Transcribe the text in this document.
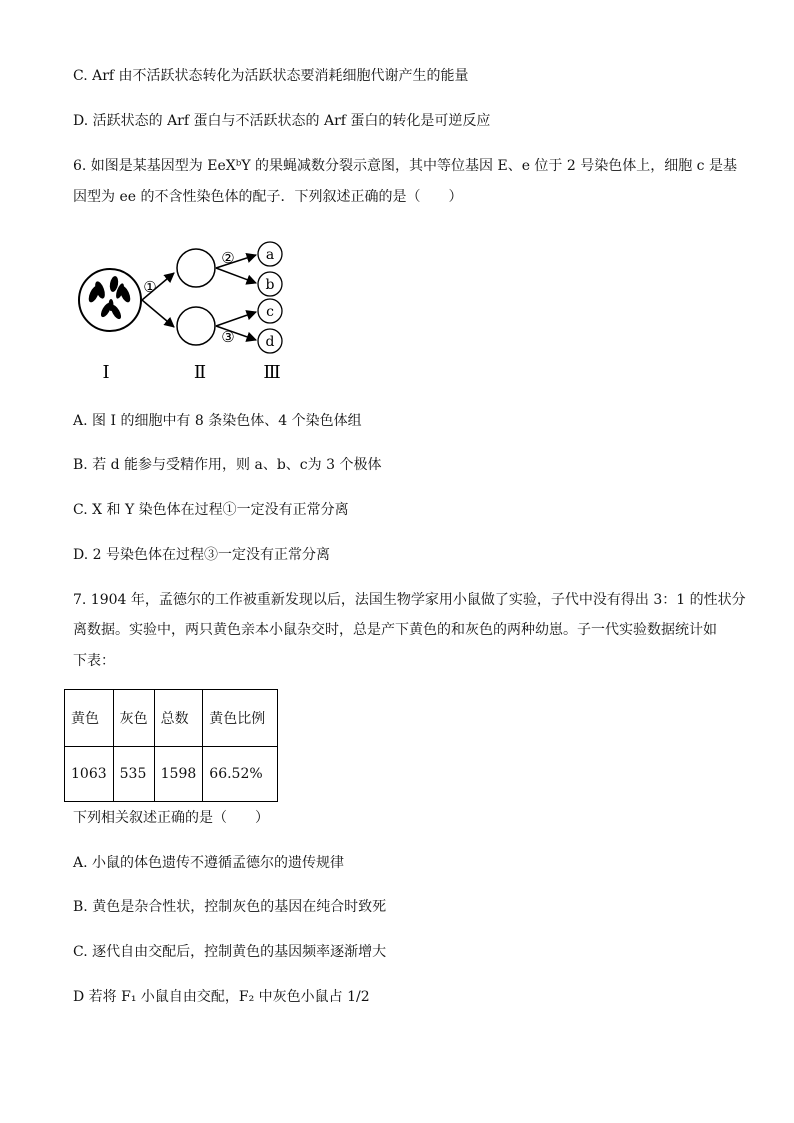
C. Arf 由不活跃状态转化为活跃状态要消耗细胞代谢产生的能量
D. 活跃状态的 Arf 蛋白与不活跃状态的 Arf 蛋白的转化是可逆反应
6. 如图是某基因型为 EeXᵇY 的果蝇减数分裂示意图，其中等位基因 E、e 位于 2 号染色体上，细胞 c 是基
因型为 ee 的不含性染色体的配子．下列叙述正确的是（　　）
①
②
③
a
b
c
d
I	Ⅱ	Ⅲ
A. 图 I 的细胞中有 8 条染色体、4 个染色体组
B. 若 d 能参与受精作用，则 a、b、c为 3 个极体
C. X 和 Y 染色体在过程①一定没有正常分离
D. 2 号染色体在过程③一定没有正常分离
7. 1904 年，孟德尔的工作被重新发现以后，法国生物学家用小鼠做了实验，子代中没有得出 3：1 的性状分
离数据。实验中，两只黄色亲本小鼠杂交时，总是产下黄色的和灰色的两种幼崽。子一代实验数据统计如
下表：
黄色	灰色	总数	黄色比例
1063	535	1598	66.52%
下列相关叙述正确的是（　　）
A. 小鼠的体色遗传不遵循孟德尔的遗传规律
B. 黄色是杂合性状，控制灰色的基因在纯合时致死
C. 逐代自由交配后，控制黄色的基因频率逐渐增大
D 若将 F₁ 小鼠自由交配，F₂ 中灰色小鼠占 1/2
